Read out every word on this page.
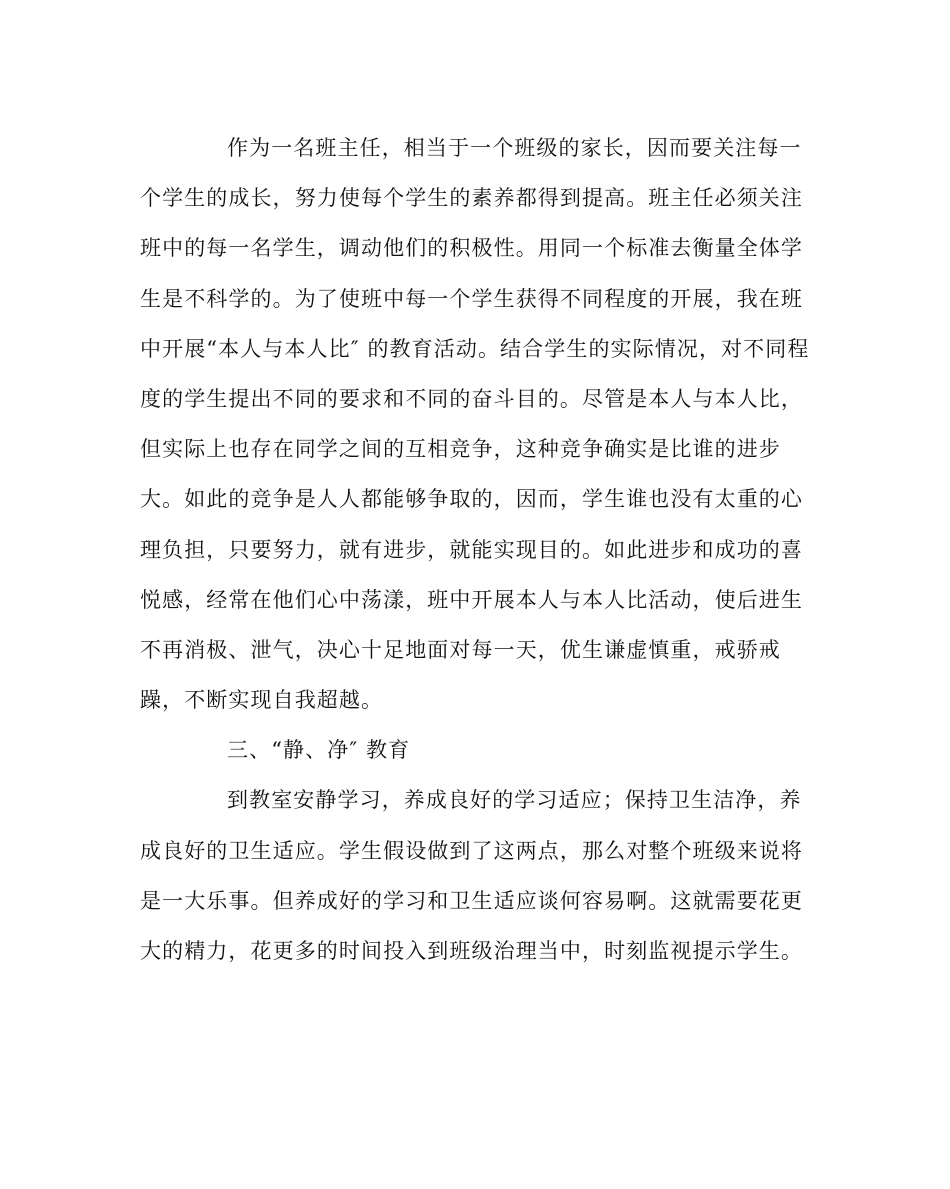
作为一名班主任，相当于一个班级的家长，因而要关注每一
个学生的成长，努力使每个学生的素养都得到提高。班主任必须关注
班中的每一名学生，调动他们的积极性。用同一个标准去衡量全体学
生是不科学的。为了使班中每一个学生获得不同程度的开展，我在班
中开展“本人与本人比″ 的教育活动。结合学生的实际情况，对不同程
度的学生提出不同的要求和不同的奋斗目的。尽管是本人与本人比，
但实际上也存在同学之间的互相竞争，这种竞争确实是比谁的进步
大。如此的竞争是人人都能够争取的，因而，学生谁也没有太重的心
理负担，只要努力，就有进步，就能实现目的。如此进步和成功的喜
悦感，经常在他们心中荡漾，班中开展本人与本人比活动，使后进生
不再消极、泄气，决心十足地面对每一天，优生谦虚慎重，戒骄戒
躁，不断实现自我超越。
三、“静、净″ 教育
到教室安静学习，养成良好的学习适应；保持卫生洁净，养
成良好的卫生适应。学生假设做到了这两点，那么对整个班级来说将
是一大乐事。但养成好的学习和卫生适应谈何容易啊。这就需要花更
大的精力，花更多的时间投入到班级治理当中，时刻监视提示学生。
